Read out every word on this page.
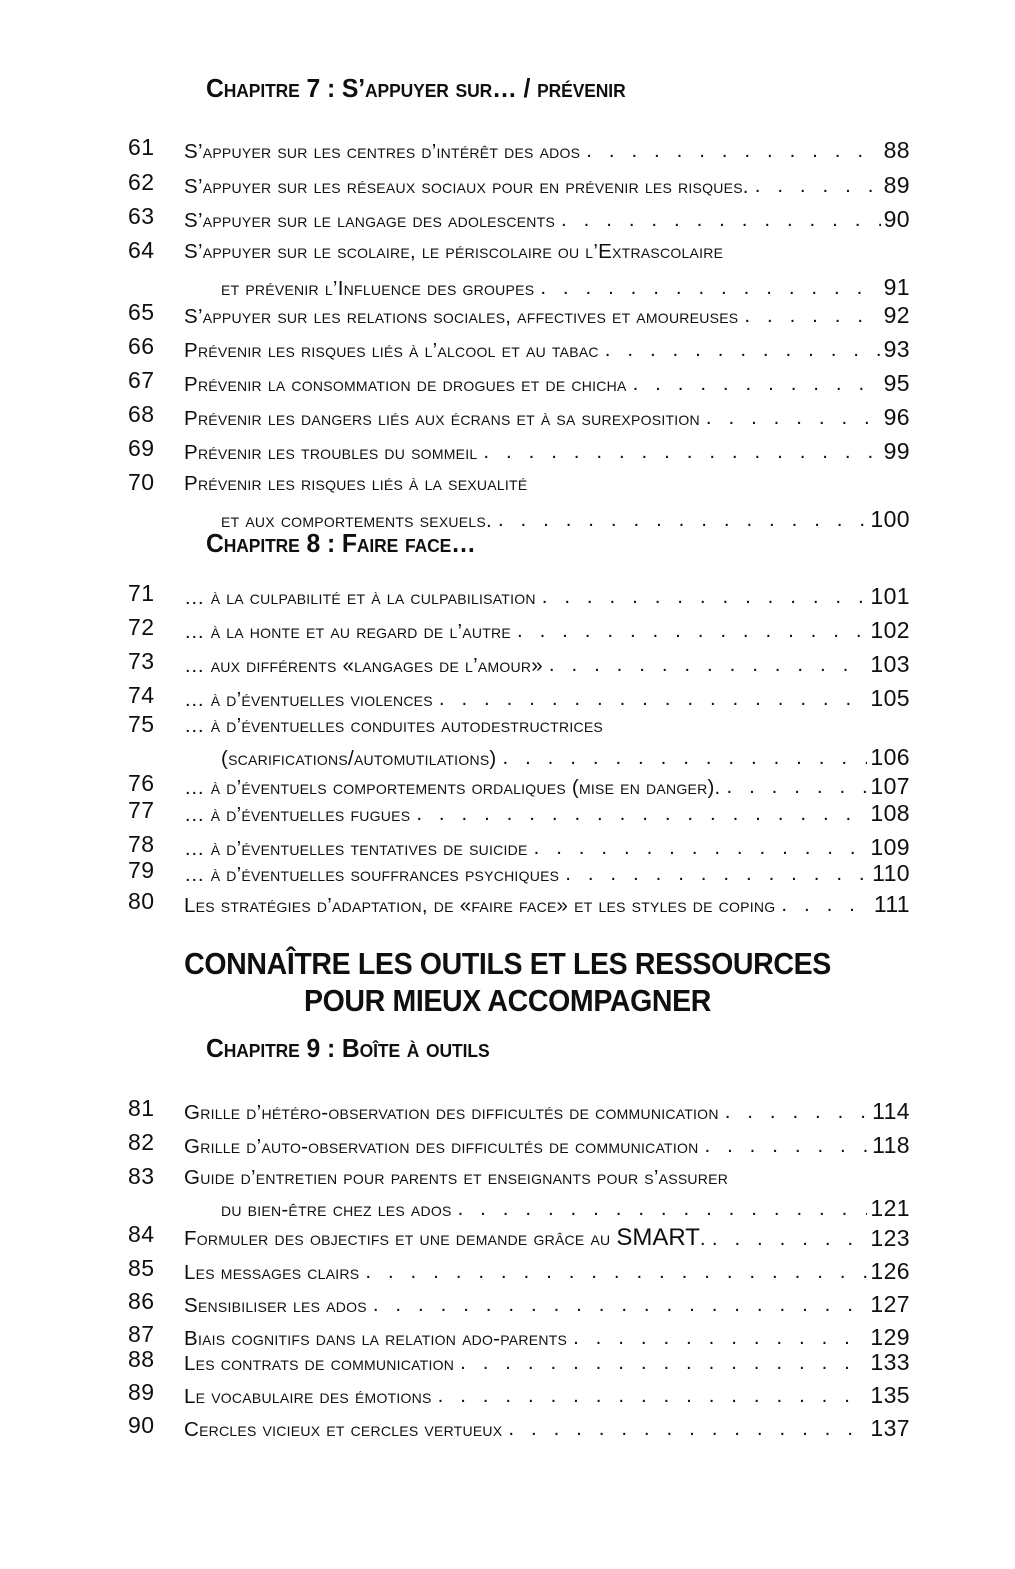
Chapitre 7 : S’appuyer sur… / prévenir
61	S’appuyer sur les centres d’intérêt des ados . . .	88
62	S’appuyer sur les réseaux sociaux pour en prévenir les risques. . . .	89
63	S’appuyer sur le langage des adolescents . . .	90
64	S’appuyer sur le scolaire, le périscolaire ou l’Extrascolaire
et prévenir l’Influence des groupes . . .	91
65	S’appuyer sur les relations sociales, affectives et amoureuses . . .	92
66	Prévenir les risques liés à l’alcool et au tabac . . .	93
67	Prévenir la consommation de drogues et de chicha . . .	95
68	Prévenir les dangers liés aux écrans et à sa surexposition . . .	96
69	Prévenir les troubles du sommeil . . .	99
70	Prévenir les risques liés à la sexualité
et aux comportements sexuels. . . .	100
Chapitre 8 : Faire face…
71	… à la culpabilité et à la culpabilisation . . .	101
72	… à la honte et au regard de l’autre . . .	102
73	… aux différents «langages de l’amour» . . .	103
74	… à d’éventuelles violences . . .	105
75	… à d’éventuelles conduites autodestructrices
(scarifications/automutilations) . . .	106
76	… à d’éventuels comportements ordaliques (mise en danger). . . .	107
77	… à d’éventuelles fugues . . .	108
78	… à d’éventuelles tentatives de suicide . . .	109
79	… à d’éventuelles souffrances psychiques . . .	110
80	Les stratégies d’adaptation, de «faire face» et les styles de coping . . .	111
CONNAÎTRE LES OUTILS ET LES RESSOURCES
POUR MIEUX ACCOMPAGNER
Chapitre 9 : Boîte à outils
81	Grille d’hétéro-observation des difficultés de communication . . .	114
82	Grille d’auto-observation des difficultés de communication . . .	118
83	Guide d’entretien pour parents et enseignants pour s’assurer
du bien-être chez les ados . . .	121
84	Formuler des objectifs et une demande grâce au SMART. . . .	123
85	Les messages clairs . . .	126
86	Sensibiliser les ados . . .	127
87	Biais cognitifs dans la relation ado-parents . . .	129
88	Les contrats de communication . . .	133
89	Le vocabulaire des émotions . . .	135
90	Cercles vicieux et cercles vertueux . . .	137
